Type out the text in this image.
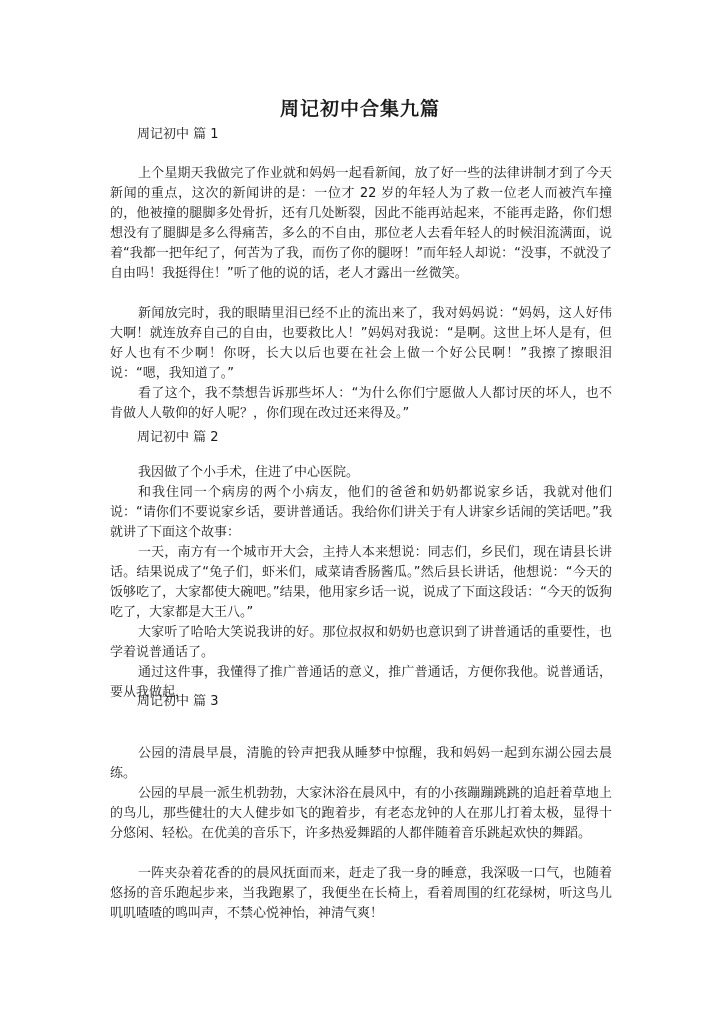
周记初中合集九篇
周记初中 篇 1

上个星期天我做完了作业就和妈妈一起看新闻，放了好一些的法律讲制才到了今天新闻的重点，这次的新闻讲的是：一位才 22 岁的年轻人为了救一位老人而被汽车撞的，他被撞的腿脚多处骨折，还有几处断裂，因此不能再站起来，不能再走路，你们想想没有了腿脚是多么得痛苦，多么的不自由，那位老人去看年轻人的时候泪流满面，说着“我都一把年纪了，何苦为了我，而伤了你的腿呀！”而年轻人却说：“没事，不就没了自由吗！我挺得住！”听了他的说的话，老人才露出一丝微笑。

新闻放完时，我的眼睛里泪已经不止的流出来了，我对妈妈说：“妈妈，这人好伟大啊！就连放弃自己的自由，也要救比人！”妈妈对我说：“是啊。这世上坏人是有，但好人也有不少啊！你呀，长大以后也要在社会上做一个好公民啊！”我擦了擦眼泪说：“嗯，我知道了。”

看了这个，我不禁想告诉那些坏人：“为什么你们宁愿做人人都讨厌的坏人，也不肯做人人敬仰的好人呢？，你们现在改过还来得及。”

周记初中 篇 2

我因做了个小手术，住进了中心医院。

和我住同一个病房的两个小病友，他们的爸爸和奶奶都说家乡话，我就对他们说：“请你们不要说家乡话，要讲普通话。我给你们讲关于有人讲家乡话闹的笑话吧。”我就讲了下面这个故事：

一天，南方有一个城市开大会，主持人本来想说：同志们，乡民们，现在请县长讲话。结果说成了“兔子们，虾米们，咸菜请香肠酱瓜。”然后县长讲话，他想说：“今天的饭够吃了，大家都使大碗吧。”结果，他用家乡话一说，说成了下面这段话：“今天的饭狗吃了，大家都是大王八。”

大家听了哈哈大笑说我讲的好。那位叔叔和奶奶也意识到了讲普通话的重要性，也学着说普通话了。

通过这件事，我懂得了推广普通话的意义，推广普通话，方便你我他。说普通话，要从我做起，

周记初中 篇 3

公园的清晨早晨，清脆的铃声把我从睡梦中惊醒，我和妈妈一起到东湖公园去晨练。

公园的早晨一派生机勃勃，大家沐浴在晨风中，有的小孩蹦蹦跳跳的追赶着草地上的鸟儿，那些健壮的大人健步如飞的跑着步，有老态龙钟的人在那儿打着太极，显得十分悠闲、轻松。在优美的音乐下，许多热爱舞蹈的人都伴随着音乐跳起欢快的舞蹈。

一阵夹杂着花香的的晨风抚面而来，赶走了我一身的睡意，我深吸一口气，也随着悠扬的音乐跑起步来，当我跑累了，我便坐在长椅上，看着周围的红花绿树，听这鸟儿叽叽喳喳的鸣叫声，不禁心悦神怡，神清气爽！
